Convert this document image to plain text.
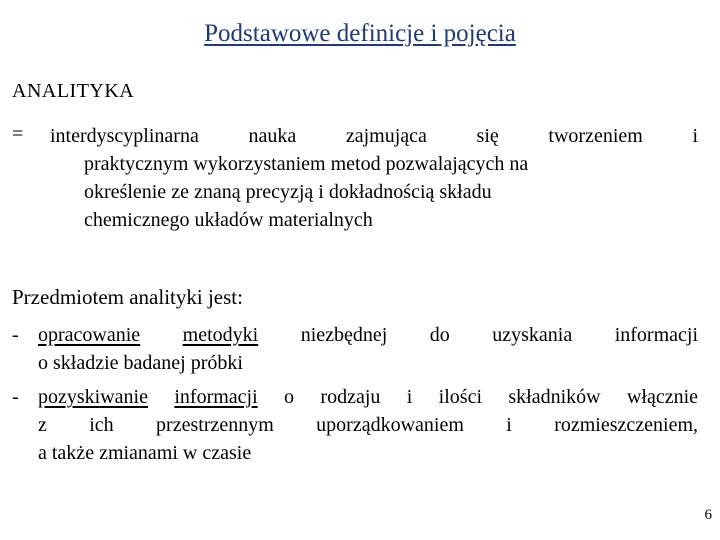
Podstawowe definicje i pojęcia
ANALITYKA
= interdyscyplinarna nauka zajmująca się tworzeniem i
praktycznym wykorzystaniem metod pozwalających na
określenie ze znaną precyzją i dokładnością składu
chemicznego układów materialnych
Przedmiotem analityki jest:
- opracowanie metodyki niezbędnej do uzyskania informacji
o składzie badanej próbki
- pozyskiwanie informacji o rodzaju i ilości składników włącznie
z ich przestrzennym uporządkowaniem i rozmieszczeniem,
a także zmianami w czasie
6
